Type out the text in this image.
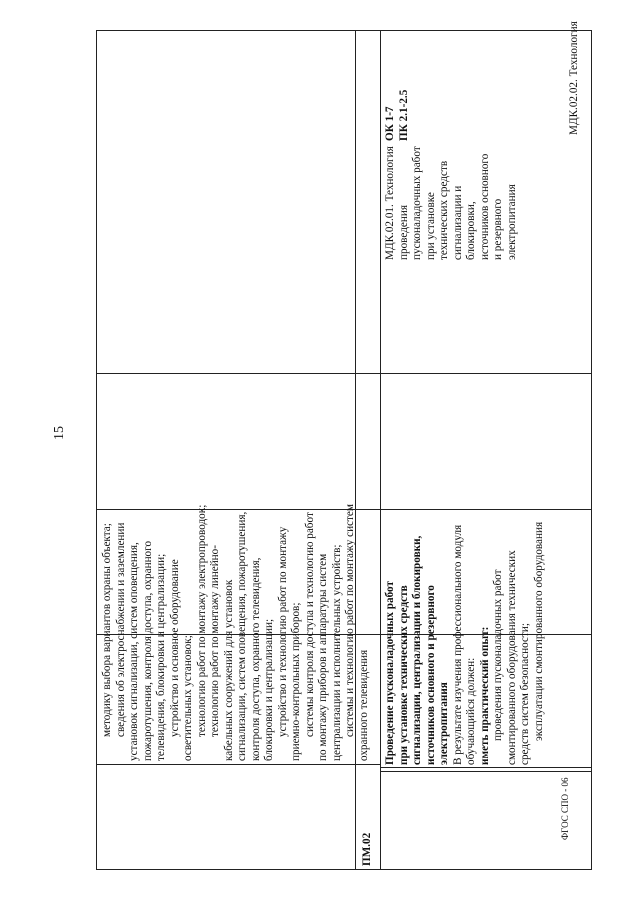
15
ФГОС СПО - 06

методику выбора вариантов охраны объекта; сведения об электроснабжении и заземлении установок сигнализации, систем оповещения, пожаротушения, контроля доступа, охранного телевидения, блокировки и централизации; устройство и основное оборудование осветительных установок; технологию работ по монтажу электропроводок; технологию работ по монтажу линейно- кабельных сооружений для установок сигнализации, систем оповещения, пожаротушения, контроля доступа, охранного телевидения, блокировки и централизации; устройство и технологию работ по монтажу приемно-контрольных приборов; системы контроля доступа и технологию работ по монтажу приборов и аппаратуры систем централизации и исполнительных устройств; системы и технологию работ по монтажу систем охранного телевидения

ОК 1-7 ПК 2.1-2.5

ПМ.02

Проведение пусконаладочных работ при установке технических средств сигнализации, централизации и блокировки, источников основного и резервного электропитания В результате изучения профессионального модуля обучающийся должен: иметь практический опыт: проведения пусконаладочных работ смонтированного оборудования технических средств систем безопасности; эксплуатации смонтированного оборудования

МДК.02.01. Технология проведения пусконаладочных работ при установке технических средств сигнализации и блокировки, источников основного и резервного электропитания

МДК.02.02. Технология
